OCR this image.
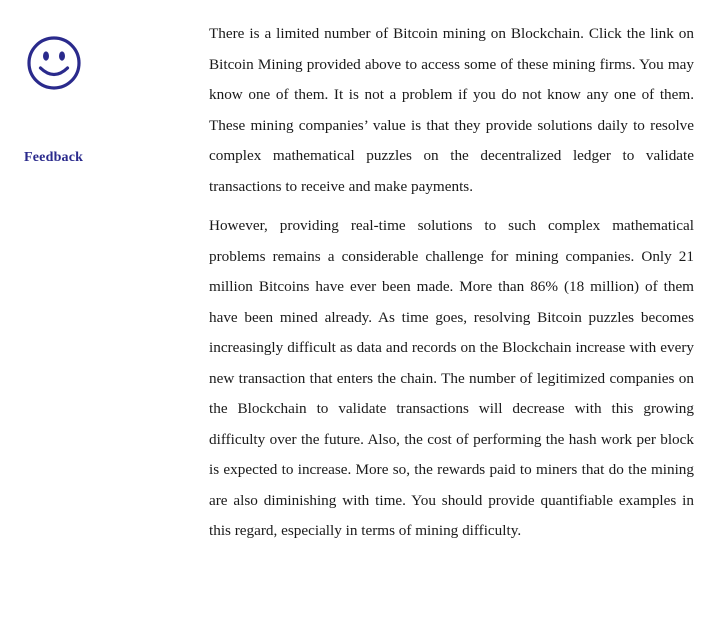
Feedback

There is a limited number of Bitcoin mining on Blockchain. Click the link on Bitcoin Mining provided above to access some of these mining firms. You may know one of them. It is not a problem if you do not know any one of them. These mining companies’ value is that they provide solutions daily to resolve complex mathematical puzzles on the decentralized ledger to validate transactions to receive and make payments.

However, providing real-time solutions to such complex mathematical problems remains a considerable challenge for mining companies. Only 21 million Bitcoins have ever been made. More than 86% (18 million) of them have been mined already. As time goes, resolving Bitcoin puzzles becomes increasingly difficult as data and records on the Blockchain increase with every new transaction that enters the chain. The number of legitimized companies on the Blockchain to validate transactions will decrease with this growing difficulty over the future. Also, the cost of performing the hash work per block is expected to increase. More so, the rewards paid to miners that do the mining are also diminishing with time. You should provide quantifiable examples in this regard, especially in terms of mining difficulty.
